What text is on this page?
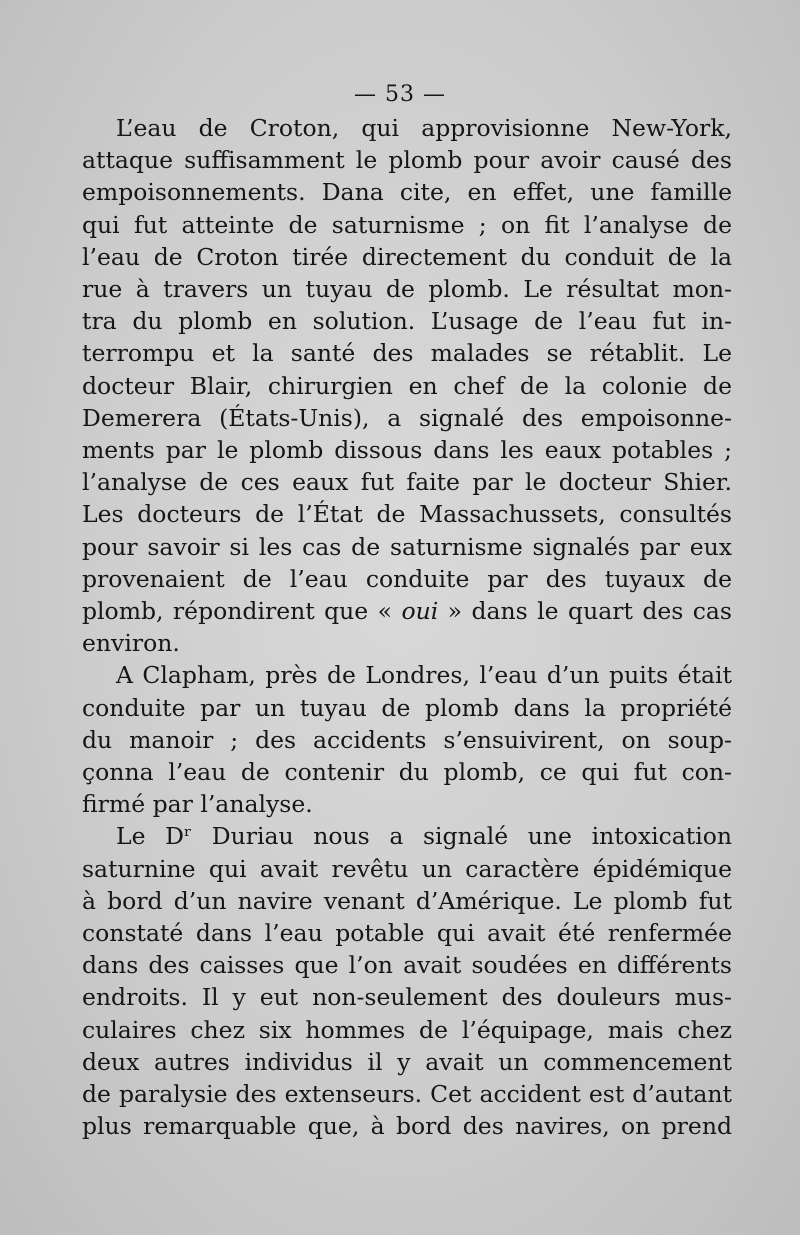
— 53 —
L’eau de Croton, qui approvisionne New-York,
attaque suffisamment le plomb pour avoir causé des
empoisonnements. Dana cite, en effet, une famille
qui fut atteinte de saturnisme ; on fit l’analyse de
l’eau de Croton tirée directement du conduit de la
rue à travers un tuyau de plomb. Le résultat mon-
tra du plomb en solution. L’usage de l’eau fut in-
terrompu et la santé des malades se rétablit. Le
docteur Blair, chirurgien en chef de la colonie de
Demerera (États-Unis), a signalé des empoisonne-
ments par le plomb dissous dans les eaux potables ;
l’analyse de ces eaux fut faite par le docteur Shier.
Les docteurs de l’État de Massachussets, consultés
pour savoir si les cas de saturnisme signalés par eux
provenaient de l’eau conduite par des tuyaux de
plomb, répondirent que « oui » dans le quart des cas
environ.
A Clapham, près de Londres, l’eau d’un puits était
conduite par un tuyau de plomb dans la propriété
du manoir ; des accidents s’ensuivirent, on soup-
çonna l’eau de contenir du plomb, ce qui fut con-
firmé par l’analyse.
Le Dʳ Duriau nous a signalé une intoxication
saturnine qui avait revêtu un caractère épidémique
à bord d’un navire venant d’Amérique. Le plomb fut
constaté dans l’eau potable qui avait été renfermée
dans des caisses que l’on avait soudées en différents
endroits. Il y eut non-seulement des douleurs mus-
culaires chez six hommes de l’équipage, mais chez
deux autres individus il y avait un commencement
de paralysie des extenseurs. Cet accident est d’autant
plus remarquable que, à bord des navires, on prend
